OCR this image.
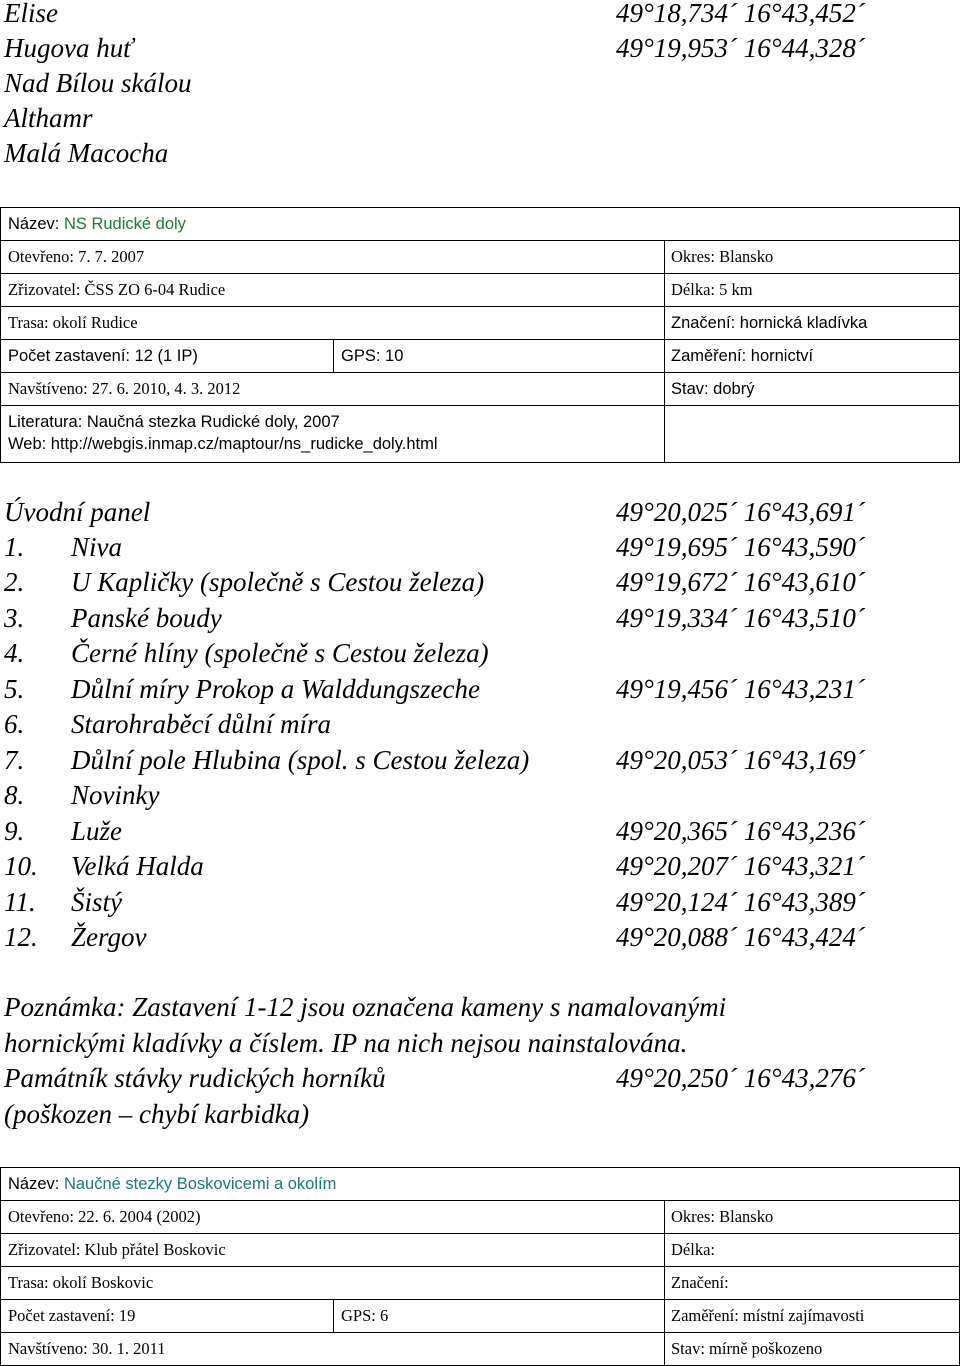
Elise	49°18,734´ 16°43,452´
Hugova huť	49°19,953´ 16°44,328´
Nad Bílou skálou
Althamr
Malá Macocha
Název: NS Rudické doly
Otevřeno: 7. 7. 2007	Okres: Blansko
Zřizovatel: ČSS ZO 6-04 Rudice	Délka: 5 km
Trasa: okolí Rudice	Značení: hornická kladívka
Počet zastavení: 12 (1 IP)	GPS: 10	Zaměření: hornictví
Navštíveno: 27. 6. 2010, 4. 3. 2012	Stav: dobrý
Literatura: Naučná stezka Rudické doly, 2007
Web: http://webgis.inmap.cz/maptour/ns_rudicke_doly.html
Úvodní panel	49°20,025´ 16°43,691´
1. Niva	49°19,695´ 16°43,590´
2. U Kapličky (společně s Cestou železa)	49°19,672´ 16°43,610´
3. Panské boudy	49°19,334´ 16°43,510´
4. Černé hlíny (společně s Cestou železa)
5. Důlní míry Prokop a Walddungszeche	49°19,456´ 16°43,231´
6. Starohraběcí důlní míra
7. Důlní pole Hlubina (spol. s Cestou železa)	49°20,053´ 16°43,169´
8. Novinky
9. Luže	49°20,365´ 16°43,236´
10. Velká Halda	49°20,207´ 16°43,321´
11. Šistý	49°20,124´ 16°43,389´
12. Žergov	49°20,088´ 16°43,424´
Poznámka: Zastavení 1-12 jsou označena kameny s namalovanými
hornickými kladívky a číslem. IP na nich nejsou nainstalována.
Památník stávky rudických horníků	49°20,250´ 16°43,276´
(poškozen – chybí karbidka)
Název: Naučné stezky Boskovicemi a okolím
Otevřeno: 22. 6. 2004 (2002)	Okres: Blansko
Zřizovatel: Klub přátel Boskovic	Délka:
Trasa: okolí Boskovic	Značení:
Počet zastavení: 19	GPS: 6	Zaměření: místní zajímavosti
Navštíveno: 30. 1. 2011	Stav: mírně poškozeno
